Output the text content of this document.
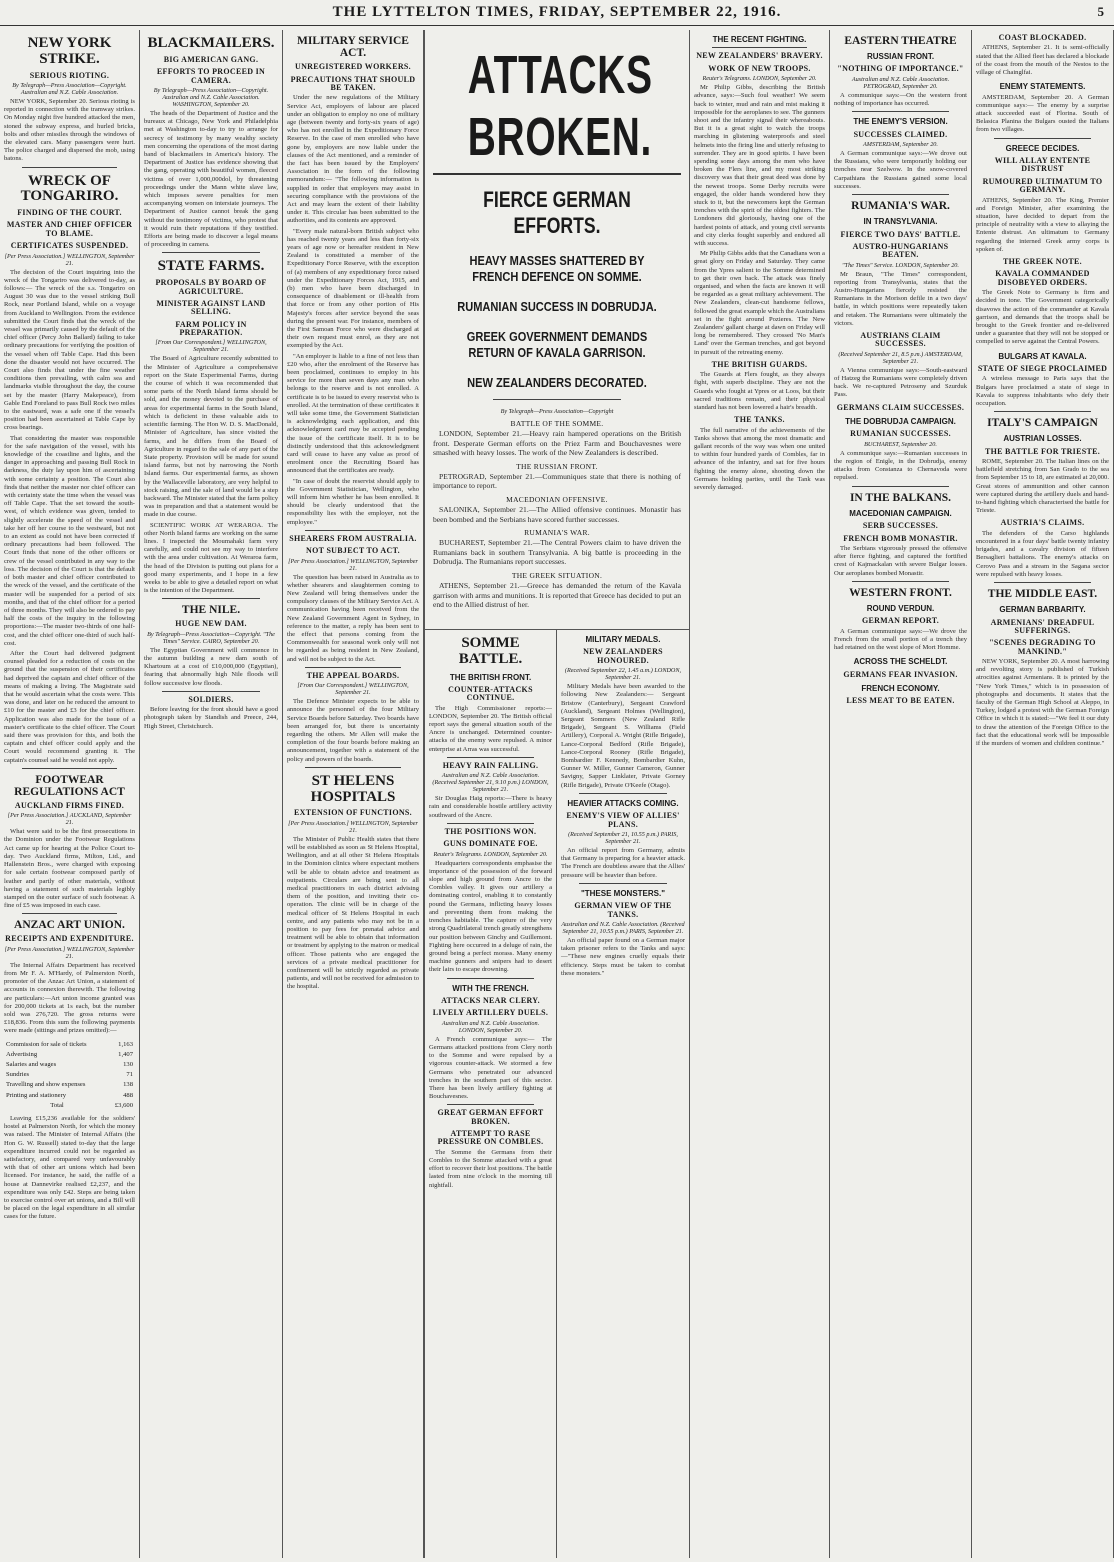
THE LYTTELTON TIMES, FRIDAY, SEPTEMBER 22, 1916.	5
NEW YORK STRIKE.
SERIOUS RIOTING.
By Telegraph—Press Association—Copyright. Australian and N.Z. Cable Association.

NEW YORK, September 20. Serious rioting is reported in connection with the tramway strikes. On Monday night five hundred attacked the men, stoned the subway express, and hurled bricks, bolts and other missiles through the windows of the elevated cars. Many passengers were hurt. The police charged and dispersed the mob, using batons.

WRECK OF TONGARIRO.
FINDING OF THE COURT.
MASTER AND CHIEF OFFICER TO BLAME.
CERTIFICATES SUSPENDED.
[Per Press Association.] WELLINGTON, September 21.

The decision of the Court inquiring into the wreck of the Tongariro was delivered to-day, as follows:— The wreck of the s.s. Tongariro on August 30 was due to the vessel striking Bull Rock, near Portland Island, while on a voyage from Auckland to Wellington. From the evidence submitted the Court finds that the wreck of the vessel was primarily caused by the default of the chief officer (Percy John Ballard) failing to take ordinary precautions for verifying the position of the vessel when off Table Cape. Had this been done the disaster would not have occurred. The Court also finds that under the fine weather conditions then prevailing, with calm sea and landmarks visible throughout the day, the course set by the master (Harry Makepeace), from Gable End Foreland to pass Bull Rock two miles to the eastward, was a safe one if the vessel's position had been ascertained at Table Cape by cross bearings.

That considering the master was responsible for the safe navigation of the vessel, with his knowledge of the coastline and lights, and the danger in approaching and passing Bull Rock in darkness, the duty lay upon him of ascertaining with some certainty a position. The Court also finds that neither the master nor chief officer can with certainty state the time when the vessel was off Table Cape. That the set toward the south-west, of which evidence was given, tended to slightly accelerate the speed of the vessel and take her off her course to the westward, but not to an extent as could not have been corrected if ordinary precautions had been followed. The Court finds that none of the other officers or crew of the vessel contributed in any way to the loss. The decision of the Court is that the default of both master and chief officer contributed to the wreck of the vessel, and the certificate of the master will be suspended for a period of six months, and that of the chief officer for a period of three months. They will also be ordered to pay half the costs of the inquiry in the following proportions:—The master two-thirds of one half-cost, and the chief officer one-third of such half-cost.

After the Court had delivered judgment counsel pleaded for a reduction of costs on the ground that the suspension of their certificates had deprived the captain and chief officer of the means of making a living. The Magistrate said that he would ascertain what the costs were. This was done, and later on he reduced the amount to £10 for the master and £3 for the chief officer. Application was also made for the issue of a master's certificate to the chief officer. The Court said there was provision for this, and both the captain and chief officer could apply and the Court would recommend granting it. The captain's counsel said he would not apply.

FOOTWEAR REGULATIONS ACT
AUCKLAND FIRMS FINED.
[Per Press Association.] AUCKLAND, September 21.

What were said to be the first prosecutions in the Dominion under the Footwear Regulations Act came up for hearing at the Police Court to-day. Two Auckland firms, Milton, Ltd., and Hallenstein Bros., were charged with exposing for sale certain footwear composed partly of leather and partly of other materials, without having a statement of such materials legibly stamped on the outer surface of such footwear. A fine of £5 was imposed in each case.

ANZAC ART UNION.
RECEIPTS AND EXPENDITURE.
[Per Press Association.] WELLINGTON, September 21.

The Internal Affairs Department has received from Mr F. A. M'Hardy, of Palmerston North, promoter of the Anzac Art Union, a statement of accounts in connexion therewith. The following are particulars:—Art union income granted was for 200,000 tickets at 1s each, but the number sold was 276,720. The gross returns were £18,836. From this sum the following payments were made (sittings and prizes omitted):—

Commission for sale of tickets	1,163
Advertising	1,407
Salaries and wages	130
Sundries	71
Travelling and show expenses	138
Printing and stationery	488
Total	£3,600

Leaving £15,236 available for the soldiers' hostel at Palmerston North, for which the money was raised. The Minister of Internal Affairs (the Hon G. W. Russell) stated to-day that the large expenditure incurred could not be regarded as satisfactory, and compared very unfavourably with that of other art unions which had been licensed. For instance, he said, the raffle of a house at Dannevirke realised £2,237, and the expenditure was only £42. Steps are being taken to exercise control over art unions, and a Bill will be placed on the legal expenditure in all similar cases for the future.

BLACKMAILERS.
BIG AMERICAN GANG.
EFFORTS TO PROCEED IN CAMERA.
By Telegraph—Press Association—Copyright. Australian and N.Z. Cable Association. WASHINGTON, September 20.

The heads of the Department of Justice and the bureaux at Chicago, New York and Philadelphia met at Washington to-day to try to arrange for secrecy of testimony by many wealthy society men concerning the operations of the most daring band of blackmailers in America's history. The Department of Justice has evidence showing that the gang, operating with beautiful women, fleeced victims of over 1,000,000dol, by threatening proceedings under the Mann white slave law, which imposes severe penalties for men accompanying women on interstate journeys. The Department of Justice cannot break the gang without the testimony of victims, who protest that it would ruin their reputations if they testified. Efforts are being made to discover a legal means of proceeding in camera.

STATE FARMS.
PROPOSALS BY BOARD OF AGRICULTURE.
MINISTER AGAINST LAND SELLING.
FARM POLICY IN PREPARATION.
[From Our Correspondent.] WELLINGTON, September 21.

The Board of Agriculture recently submitted to the Minister of Agriculture a comprehensive report on the State Experimental Farms, during the course of which it was recommended that some parts of the North Island farms should be sold, and the money devoted to the purchase of areas for experimental farms in the South Island, which is deficient in these valuable aids to scientific farming. The Hon W. D. S. MacDonald, Minister of Agriculture, has since visited the farms, and he differs from the Board of Agriculture in regard to the sale of any part of the State property. Provision will be made for sound island farms, but not by narrowing the North Island farms. Our experimental farms, as shown by the Wallaceville laboratory, are very helpful to stock raising, and the sale of land would be a step backward. The Minister stated that the farm policy was in preparation and that a statement would be made in due course.

SCIENTIFIC WORK AT WERAROA. The other North Island farms are working on the same lines. I inspected the Moumahaki farm very carefully, and could not see my way to interfere with the area under cultivation. At Weraroa farm, the head of the Division is putting out plans for a good many experiments, and I hope in a few weeks to be able to give a detailed report on what is the intention of the Department.

THE NILE.
HUGE NEW DAM.
By Telegraph—Press Association—Copyright. "The Times" Service. CAIRO, September 20.

The Egyptian Government will commence in the autumn building a new dam south of Khartoum at a cost of £10,000,000 (Egyptian), fearing that abnormally high Nile floods will follow successive low floods.

SOLDIERS.

Before leaving for the front should have a good photograph taken by Standish and Preece, 244, High Street, Christchurch.

MILITARY SERVICE ACT.
UNREGISTERED WORKERS.
PRECAUTIONS THAT SHOULD BE TAKEN.

Under the new regulations of the Military Service Act, employers of labour are placed under an obligation to employ no one of military age (between twenty and forty-six years of age) who has not enrolled in the Expeditionary Force Reserve. In the case of men enrolled who have gone by, employers are now liable under the clauses of the Act mentioned, and a reminder of the fact has been issued by the Employers' Association in the form of the following memorandum:— "The following information is supplied in order that employers may assist in securing compliance with the provisions of the Act and may learn the extent of their liability under it. This circular has been submitted to the authorities, and its contents are approved.

"Every male natural-born British subject who has reached twenty years and less than forty-six years of age now or hereafter resident in New Zealand is constituted a member of the Expeditionary Force Reserve, with the exception of (a) members of any expeditionary force raised under the Expeditionary Forces Act, 1915, and (b) men who have been discharged in consequence of disablement or ill-health from that force or from any other portion of His Majesty's forces after service beyond the seas during the present war. For instance, members of the First Samoan Force who were discharged at their own request must enrol, as they are not exempted by the Act.

"An employer is liable to a fine of not less than £20 who, after the enrolment of the Reserve has been proclaimed, continues to employ in his service for more than seven days any man who belongs to the reserve and is not enrolled. A certificate is to be issued to every reservist who is enrolled. At the termination of these certificates it will take some time, the Government Statistician is acknowledging each application, and this acknowledgment card may be accepted pending the issue of the certificate itself. It is to be distinctly understood that this acknowledgment card will cease to have any value as proof of enrolment once the Recruiting Board has announced that the certificates are ready.

"In case of doubt the reservist should apply to the Government Statistician, Wellington, who will inform him whether he has been enrolled. It should be clearly understood that the responsibility lies with the employer, not the employee."

SHEARERS FROM AUSTRALIA.
NOT SUBJECT TO ACT.
[Per Press Association.] WELLINGTON, September 21.

The question has been raised in Australia as to whether shearers and slaughtermen coming to New Zealand will bring themselves under the compulsory clauses of the Military Service Act. A communication having been received from the New Zealand Government Agent in Sydney, in reference to the matter, a reply has been sent to the effect that persons coming from the Commonwealth for seasonal work only will not be regarded as being resident in New Zealand, and will not be subject to the Act.

THE APPEAL BOARDS.
[From Our Correspondent.] WELLINGTON, September 21.

The Defence Minister expects to be able to announce the personnel of the four Military Service Boards before Saturday. Two boards have been arranged for, but there is uncertainty regarding the others. Mr Allen will make the completion of the four boards before making an announcement, together with a statement of the policy and powers of the boards.

ST HELENS HOSPITALS
EXTENSION OF FUNCTIONS.
[Per Press Association.] WELLINGTON, September 21.

The Minister of Public Health states that there will be established as soon as St Helens Hospital, Wellington, and at all other St Helens Hospitals in the Dominion clinics where expectant mothers will be able to obtain advice and treatment as outpatients. Circulars are being sent to all medical practitioners in each district advising them of the position, and inviting their co-operation. The clinic will be in charge of the medical officer of St Helens Hospital in each centre, and any patients who may not be in a position to pay fees for prenatal advice and treatment will be able to obtain that information or treatment by applying to the matron or medical officer. Those patients who are engaged the services of a private medical practitioner for confinement will be strictly regarded as private patients, and will not be received for admission to the hospital.

ATTACKS BROKEN.
FIERCE GERMAN EFFORTS.
HEAVY MASSES SHATTERED BY FRENCH DEFENCE ON SOMME.
RUMANIAN SUCCESS IN DOBRUDJA.
GREEK GOVERNMENT DEMANDS RETURN OF KAVALA GARRISON.
NEW ZEALANDERS DECORATED.
By Telegraph—Press Association—Copyright
BATTLE OF THE SOMME.

LONDON, September 21.—Heavy rain hampered operations on the British front. Desperate German efforts on the Priez Farm and Bouchavesnes were smashed with heavy losses. The work of the New Zealanders is described.

THE RUSSIAN FRONT.

PETROGRAD, September 21.—Communiques state that there is nothing of importance to report.

MACEDONIAN OFFENSIVE.

SALONIKA, September 21.—The Allied offensive continues. Monastir has been bombed and the Serbians have scored further successes.

RUMANIA'S WAR.

BUCHAREST, September 21.—The Central Powers claim to have driven the Rumanians back in southern Transylvania. A big battle is proceeding in the Dobrudja. The Rumanians report successes.

THE GREEK SITUATION.

ATHENS, September 21.—Greece has demanded the return of the Kavala garrison with arms and munitions. It is reported that Greece has decided to put an end to the Allied distrust of her.

SOMME BATTLE.
THE BRITISH FRONT.
COUNTER-ATTACKS CONTINUE.

The High Commissioner reports:— LONDON, September 20. The British official report says the general situation south of the Ancre is unchanged. Determined counter-attacks of the enemy were repulsed. A minor enterprise at Arras was successful.

HEAVY RAIN FALLING.
Australian and N.Z. Cable Association. (Received September 21, 9.10 p.m.) LONDON, September 21.

Sir Douglas Haig reports:—There is heavy rain and considerable hostile artillery activity southward of the Ancre.

THE POSITIONS WON.
GUNS DOMINATE FOE.
Reuter's Telegrams. LONDON, September 20.

Headquarters correspondents emphasise the importance of the possession of the forward slope and high ground from Ancre to the Combles valley. It gives our artillery a dominating control, enabling it to constantly pound the Germans, inflicting heavy losses and preventing them from making the trenches habitable. The capture of the very strong Quadrilateral trench greatly strengthens our position between Ginchy and Guillemont. Fighting here occurred in a deluge of rain, the ground being a perfect morass. Many enemy machine gunners and snipers had to desert their lairs to escape drowning.

WITH THE FRENCH.
ATTACKS NEAR CLERY.
LIVELY ARTILLERY DUELS.
Australian and N.Z. Cable Association. LONDON, September 20.

A French communique says:— The Germans attacked positions from Clery north to the Somme and were repulsed by a vigorous counter-attack. We stormed a few Germans who penetrated our advanced trenches in the southern part of this sector. There has been lively artillery fighting at Bouchavesnes.

GREAT GERMAN EFFORT BROKEN.
ATTEMPT TO RASE PRESSURE ON COMBLES.

The Somme the Germans from their Combles to the Somme attacked with a great effort to recover their lost positions. The battle lasted from nine o'clock in the morning till nightfall.

MILITARY MEDALS.
NEW ZEALANDERS HONOURED.
(Received September 22, 1.45 a.m.) LONDON, September 21.

Military Medals have been awarded to the following New Zealanders:— Sergeant Bristow (Canterbury), Sergeant Crawford (Auckland), Sergeant Holmes (Wellington), Sergeant Sommers (New Zealand Rifle Brigade), Sergeant S. Williams (Field Artillery), Corporal A. Wright (Rifle Brigade), Lance-Corporal Bedford (Rifle Brigade), Lance-Corporal Rooney (Rifle Brigade), Bombardier F. Kennedy, Bombardier Kuhn, Gunner W. Miller, Gunner Cameron, Gunner Savigny, Sapper Linklater, Private Gorney (Rifle Brigade), Private O'Keefe (Otago).

HEAVIER ATTACKS COMING.
ENEMY'S VIEW OF ALLIES' PLANS.
(Received September 21, 10.55 p.m.) PARIS, September 21.

An official report from Germany, admits that Germany is preparing for a heavier attack. The French are doubtless aware that the Allies' pressure will be heavier than before.

"THESE MONSTERS."
GERMAN VIEW OF THE TANKS.
Australian and N.Z. Cable Association. (Received September 21, 10.55 p.m.) PARIS, September 21.

An official paper found on a German major taken prisoner refers to the Tanks and says:—"These new engines cruelly equals their efficiency. Steps must be taken to combat these monsters."

THE RECENT FIGHTING.
NEW ZEALANDERS' BRAVERY.
WORK OF NEW TROOPS.
Reuter's Telegrams. LONDON, September 20.

Mr Philip Gibbs, describing the British advance, says:—Such foul weather! We seem back to winter, mud and rain and mist making it impossible for the aeroplanes to see. The gunners shoot and the infantry signal their whereabouts. But it is a great sight to watch the troops marching in glistening waterproofs and steel helmets into the firing line and utterly refusing to surrender. They are in good spirits. I have been spending some days among the men who have broken the Flers line, and my most striking discovery was that their great deed was done by the newest troops. Some Derby recruits were engaged, the older hands wondered how they stuck to it, but the newcomers kept the German trenches with the spirit of the oldest fighters. The Londoners did gloriously, having one of the hardest points of attack, and young civil servants and city clerks fought superbly and endured all with success.

Mr Philip Gibbs adds that the Canadians won a great glory on Friday and Saturday. They came from the Ypres salient to the Somme determined to get their own back. The attack was finely organised, and when the facts are known it will be regarded as a great military achievement. The New Zealanders, clean-cut handsome fellows, followed the great example which the Australians set in the fight around Pozieres. The New Zealanders' gallant charge at dawn on Friday will long be remembered. They crossed 'No Man's Land' over the German trenches, and got beyond in pursuit of the retreating enemy.

THE BRITISH GUARDS.

The Guards at Flers fought, as they always fight, with superb discipline. They are not the Guards who fought at Ypres or at Loos, but their sacred traditions remain, and their physical standard has not been lowered a hair's breadth.

THE TANKS.

The full narrative of the achievements of the Tanks shows that among the most dramatic and gallant records of the way was when one united to within four hundred yards of Combles, far in advance of the infantry, and sat for five hours fighting the enemy alone, shooting down the Germans holding parties, until the Tank was severely damaged.

EASTERN THEATRE
RUSSIAN FRONT.
"NOTHING OF IMPORTANCE."
Australian and N.Z. Cable Association. PETROGRAD, September 20.

A communique says:—On the western front nothing of importance has occurred.

THE ENEMY'S VERSION.
SUCCESSES CLAIMED.
AMSTERDAM, September 20.

A German communique says:—We drove out the Russians, who were temporarily holding our trenches near Szelwow. In the snow-covered Carpathians the Russians gained some local successes.

RUMANIA'S WAR.
IN TRANSYLVANIA.
FIERCE TWO DAYS' BATTLE.
AUSTRO-HUNGARIANS BEATEN.
"The Times" Service. LONDON, September 20.

Mr Braun, "The Times" correspondent, reporting from Transylvania, states that the Austro-Hungarians fiercely resisted the Rumanians in the Morison defile in a two days' battle, in which positions were repeatedly taken and retaken. The Rumanians were ultimately the victors.

AUSTRIANS CLAIM SUCCESSES.
(Received September 21, 8.5 p.m.) AMSTERDAM, September 21.

A Vienna communique says:—South-eastward of Hatzeg the Rumanians were completely driven back. We re-captured Petroseny and Szurduk Pass.

GERMANS CLAIM SUCCESSES.
THE DOBRUDJA CAMPAIGN.
RUMANIAN SUCCESSES.
BUCHAREST, September 20.

A communique says:—Rumanian successes in the region of Enigle, in the Dobrudja, enemy attacks from Constanza to Chernavoda were repulsed.

IN THE BALKANS.
MACEDONIAN CAMPAIGN.
SERB SUCCESSES.
FRENCH BOMB MONASTIR.

The Serbians vigorously pressed the offensive after fierce fighting, and captured the fortified crest of Kajmackalan with severe Bulgar losses. Our aeroplanes bombed Monastir.

WESTERN FRONT.
ROUND VERDUN.
GERMAN REPORT.

A German communique says:—We drove the French from the small portion of a trench they had retained on the west slope of Mort Homme.

ACROSS THE SCHELDT.
GERMANS FEAR INVASION.
FRENCH ECONOMY.
LESS MEAT TO BE EATEN.
COAST BLOCKADED.

ATHENS, September 21. It is semi-officially stated that the Allied fleet has declared a blockade of the coast from the mouth of the Nestos to the village of Chainglfai.

ENEMY STATEMENTS.

AMSTERDAM, September 20. A German communique says:— The enemy by a surprise attack succeeded east of Florina. South of Belasica Planina the Bulgars ousted the Italians from two villages.

GREECE DECIDES.
WILL ALLAY ENTENTE DISTRUST
RUMOURED ULTIMATUM TO GERMANY.

ATHENS, September 20. The King, Premier and Foreign Minister, after examining the situation, have decided to depart from the principle of neutrality with a view to allaying the Entente distrust. An ultimatum to Germany regarding the interned Greek army corps is spoken of.

THE GREEK NOTE.
KAVALA COMMANDED DISOBEYED ORDERS.

The Greek Note to Germany is firm and decided in tone. The Government categorically disavows the action of the commander at Kavala garrison, and demands that the troops shall be brought to the Greek frontier and re-delivered under a guarantee that they will not be stopped or compelled to serve against the Central Powers.

BULGARS AT KAVALA.
STATE OF SIEGE PROCLAIMED

A wireless message to Paris says that the Bulgars have proclaimed a state of siege in Kavala to suppress inhabitants who defy their occupation.

ITALY'S CAMPAIGN
AUSTRIAN LOSSES.
THE BATTLE FOR TRIESTE.

ROME, September 20. The Italian lines on the battlefield stretching from San Grado to the sea from September 15 to 18, are estimated at 20,000. Great stores of ammunition and other cannon were captured during the artillery duels and hand-to-hand fighting which characterised the battle for Trieste.

AUSTRIA'S CLAIMS.

The defenders of the Carso highlands encountered in a four days' battle twenty infantry brigades, and a cavalry division of fifteen Bersaglieri battalions. The enemy's attacks on Cerovo Pass and a stream in the Sagana sector were repulsed with heavy losses.

THE MIDDLE EAST.
GERMAN BARBARITY.
ARMENIANS' DREADFUL SUFFERINGS.
"SCENES DEGRADING TO MANKIND."

NEW YORK, September 20. A most harrowing and revolting story is published of Turkish atrocities against Armenians. It is printed by the "New York Times," which is in possession of photographs and documents. It states that the faculty of the German High School at Aleppo, in Turkey, lodged a protest with the German Foreign Office in which it is stated:—"We feel it our duty to draw the attention of the Foreign Office to the fact that the educational work will be impossible if the murders of women and children continue."
